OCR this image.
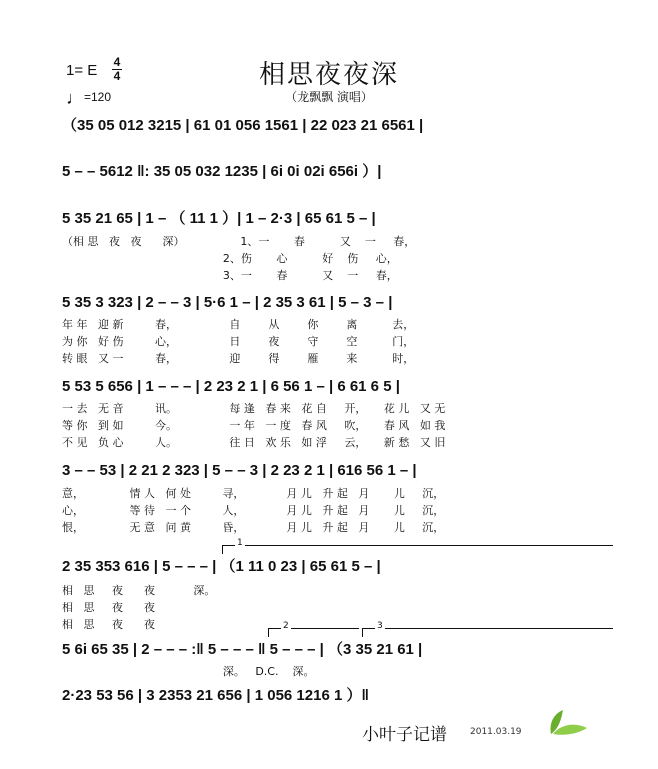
1= E 4
4
♩=120
相思夜夜深
（龙飘飘 演唱）
（35 05 012 3215 | 61 01 056 1561 | 22 023 21 6561 |
5 – – 5612 ‖: 35 05 032 1235 | 6i 0i 02i 656i ）|
5 35 21 65 | 1 – （ 11 1 ）| 1 – 2·3 | 65 61 5 – |
（相 思   夜   夜      深）                1、一       春          又    一     春，
2、伤       心          好    伤     心，
3、一       春          又    一     春，
5 35 3 323 | 2 – – 3 | 5·6 1 – | 2 35 3 61 | 5 – 3 – |
年 年   迎 新         春，               自        从        你        离          去，
为 你   好 伤         心，               日        夜        守        空          门，
转 眼   又 一         春，               迎        得        雁        来          时，
5 53 5 656 | 1 – – – | 2 23 2 1 | 6 56 1 – | 6 61 6 5 |
一 去   无 音         讯。               每 逢   春 来   花 自     开，     花 儿   又 无
等 你   到 如         今。               一 年   一 度   春 风     吹，     春 风   如 我
不 见   负 心         人。               往 日   欢 乐   如 浮     云，     新 愁   又 旧
3 – – 53 | 2 21 2 323 | 5 – – 3 | 2 23 2 1 | 616 56 1 – |
意，             情 人   何 处         寻，            月 儿   升 起   月       儿     沉，
心，             等 待   一 个         人，            月 儿   升 起   月       儿     沉，
恨，             无 意   问 黄         昏，            月 儿   升 起   月       儿     沉，
1
2 35 353 616 | 5 – – – | （1 11 0 23 | 65 61 5 – |
相   思     夜      夜           深。
相   思     夜      夜
相   思     夜      夜	2	3
5 6i 65 35 | 2 – – – :‖ 5 – – – ‖ 5 – – – | （3 35 21 61 |
深。   D.C.    深。
2·23 53 56 | 3 2353 21 656 | 1 056 1216 1 ）‖
小叶子记谱	2011.03.19
